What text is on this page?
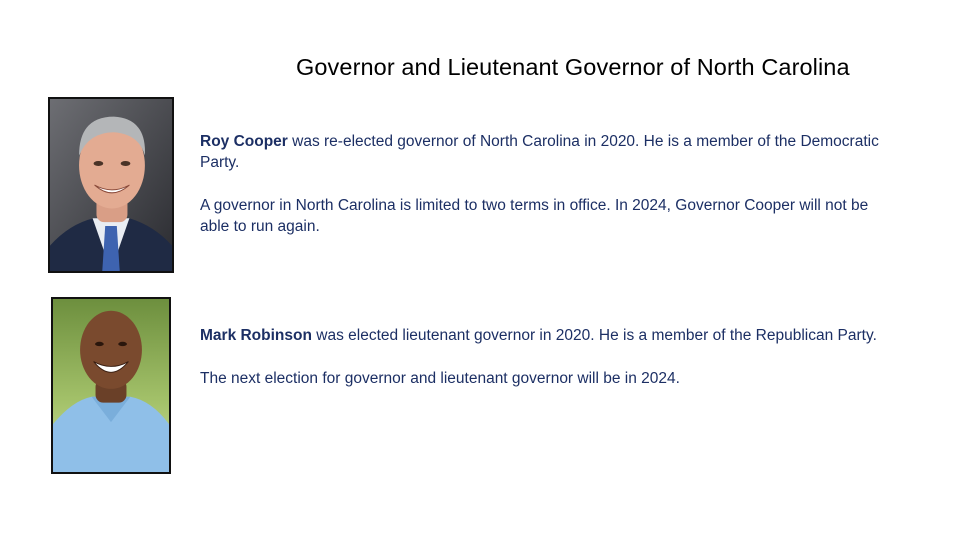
Governor and Lieutenant Governor of North Carolina

Roy Cooper was re-elected governor of North Carolina in 2020. He is a member of the Democratic Party.

A governor in North Carolina is limited to two terms in office. In 2024, Governor Cooper will not be able to run again.

Mark Robinson was elected lieutenant governor in 2020. He is a member of the Republican Party.

The next election for governor and lieutenant governor will be in 2024.
